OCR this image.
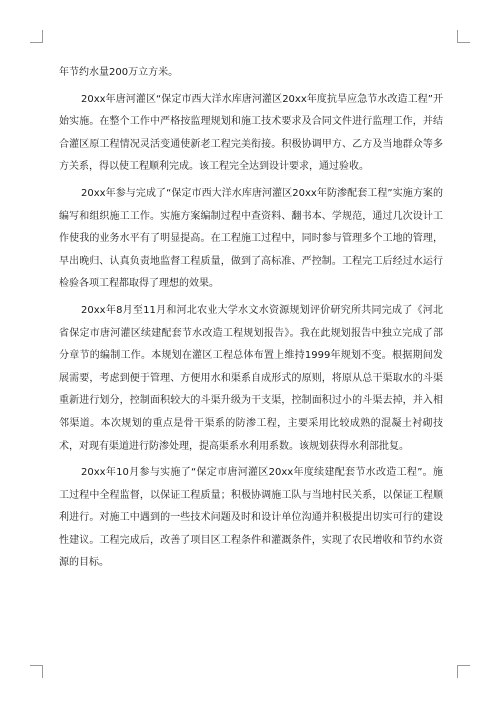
年节约水量200万立方米。

20xx年唐河灌区“保定市西大洋水库唐河灌区20xx年度抗旱应急节水改造工程”开始实施。在整个工作中严格按监理规划和施工技术要求及合同文件进行监理工作，并结合灌区原工程情况灵活变通使新老工程完美衔接。积极协调甲方、乙方及当地群众等多方关系，得以使工程顺利完成。该工程完全达到设计要求，通过验收。

20xx年参与完成了“保定市西大洋水库唐河灌区20xx年防渗配套工程”实施方案的编写和组织施工工作。实施方案编制过程中查资料、翻书本、学规范，通过几次设计工作使我的业务水平有了明显提高。在工程施工过程中，同时参与管理多个工地的管理，早出晚归、认真负责地监督工程质量，做到了高标准、严控制。工程完工后经过水运行检验各项工程都取得了理想的效果。

20xx年8月至11月和河北农业大学水文水资源规划评价研究所共同完成了《河北省保定市唐河灌区续建配套节水改造工程规划报告》。我在此规划报告中独立完成了部分章节的编制工作。本规划在灌区工程总体布置上维持1999年规划不变。根据期间发展需要，考虑到便于管理、方便用水和渠系自成形式的原则，将原从总干渠取水的斗渠重新进行划分，控制面积较大的斗渠升级为干支渠，控制面积过小的斗渠去掉，并入相邻渠道。本次规划的重点是骨干渠系的防渗工程，主要采用比较成熟的混凝土衬砌技术，对现有渠道进行防渗处理，提高渠系水利用系数。该规划获得水利部批复。

20xx年10月参与实施了“保定市唐河灌区20xx年度续建配套节水改造工程”。施工过程中全程监督，以保证工程质量；积极协调施工队与当地村民关系，以保证工程顺利进行。对施工中遇到的一些技术问题及时和设计单位沟通并积极提出切实可行的建设性建议。工程完成后，改善了项目区工程条件和灌溉条件，实现了农民增收和节约水资源的目标。
